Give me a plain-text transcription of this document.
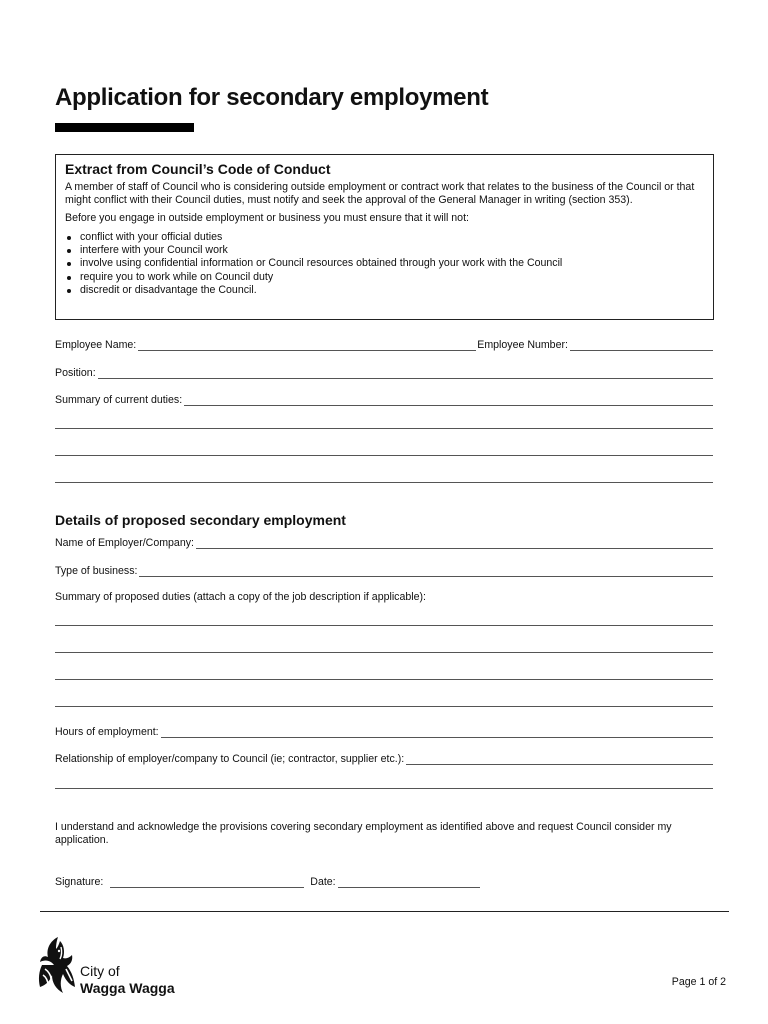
Application for secondary employment
Extract from Council’s Code of Conduct

A member of staff of Council who is considering outside employment or contract work that relates to the business of the Council or that might conflict with their Council duties, must notify and seek the approval of the General Manager in writing (section 353).

Before you engage in outside employment or business you must ensure that it will not:

conflict with your official duties
interfere with your Council work
involve using confidential information or Council resources obtained through your work with the Council
require you to work while on Council duty
discredit or disadvantage the Council.
Employee Name:	Employee Number:
Position:
Summary of current duties:
Details of proposed secondary employment
Name of Employer/Company:
Type of business:
Summary of proposed duties (attach a copy of the job description if applicable):
Hours of employment:
Relationship of employer/company to Council (ie; contractor, supplier etc.):
I understand and acknowledge the provisions covering secondary employment as identified above and request Council consider my application.
Signature:	Date:
City of
Wagga Wagga	Page 1 of 2
